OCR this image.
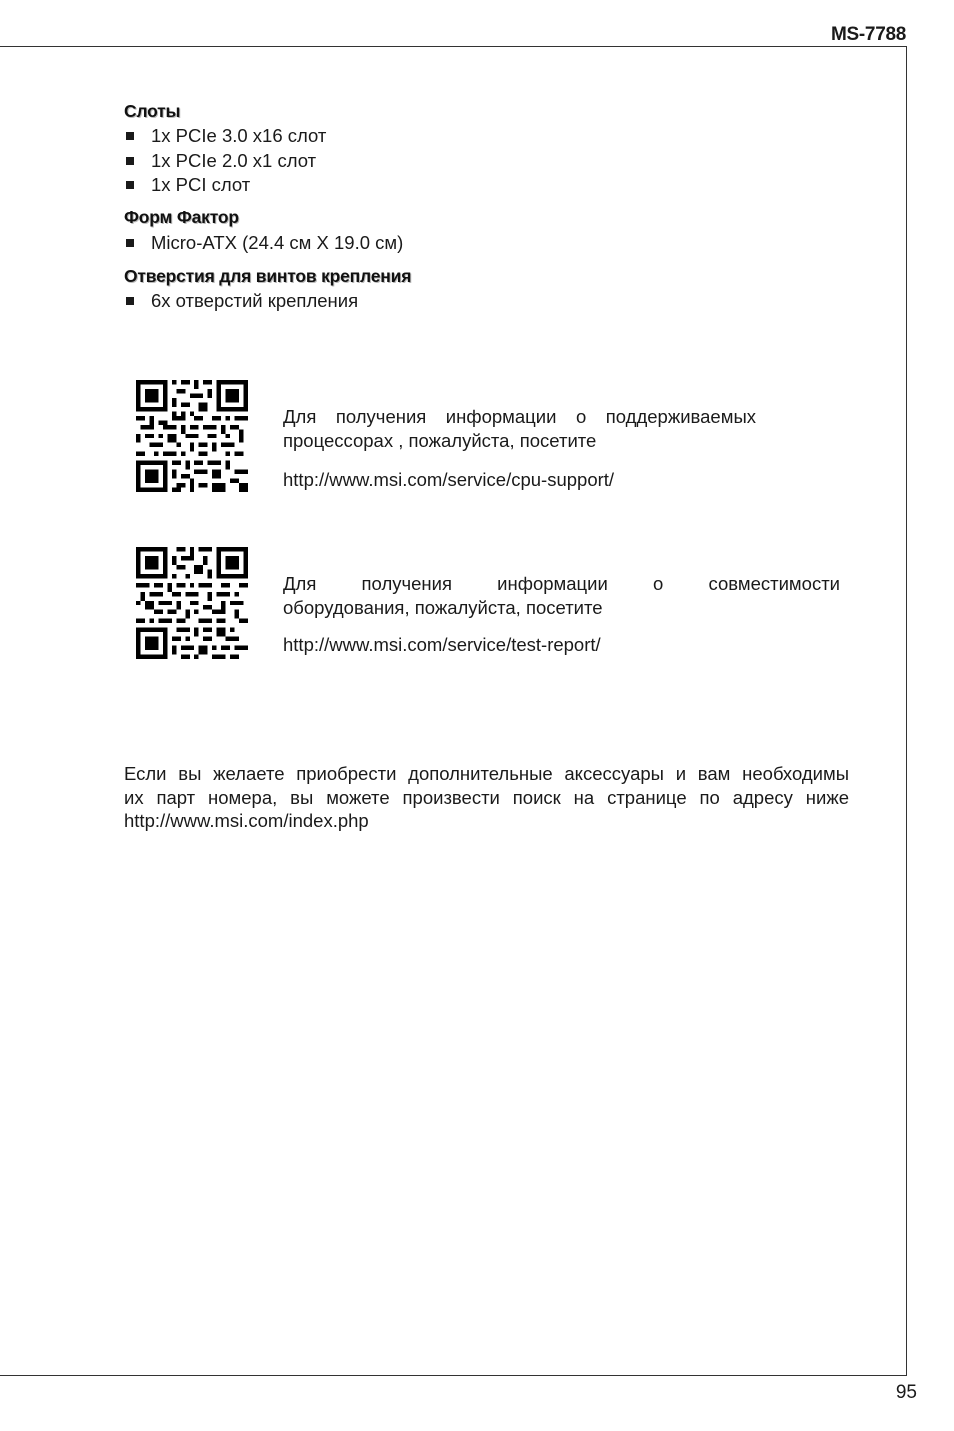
MS-7788
95
Слоты
1x PCIe 3.0 x16 слот
1x PCIe 2.0 x1 слот
1x PCI слот
Форм Фактор
Micro-ATX (24.4 см X 19.0 см)
Отверстия для винтов крепления
6x отверстий крепления
Для получения информации о поддерживаемых
процессорах , пожалуйста, посетите
http://www.msi.com/service/cpu-support/
Для получения информации о совместимости
оборудования, пожалуйста, посетите
http://www.msi.com/service/test-report/
Если вы желаете приобрести дополнительные аксессуары и вам необходимы
их парт номера, вы можете произвести поиск на странице по адресу ниже
http://www.msi.com/index.php
